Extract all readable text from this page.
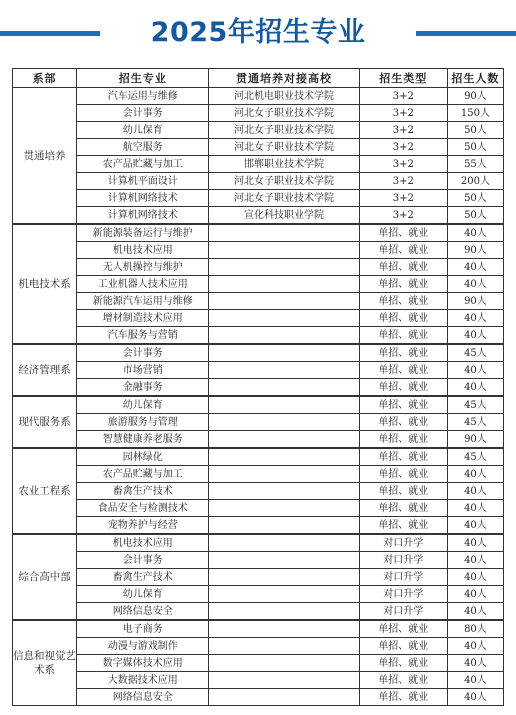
2025年招生专业
系部	招生专业	贯通培养对接高校	招生类型	招生人数
贯通培养	汽车运用与维修	河北机电职业技术学院	3+2	90人
	会计事务	河北女子职业技术学院	3+2	150人
	幼儿保育	河北女子职业技术学院	3+2	50人
	航空服务	河北女子职业技术学院	3+2	50人
	农产品贮藏与加工	邯郸职业技术学院	3+2	55人
	计算机平面设计	河北女子职业技术学院	3+2	200人
	计算机网络技术	河北女子职业技术学院	3+2	50人
	计算机网络技术	宣化科技职业学院	3+2	50人
机电技术系	新能源装备运行与维护		单招、就业	40人
	机电技术应用		单招、就业	90人
	无人机操控与维护		单招、就业	40人
	工业机器人技术应用		单招、就业	40人
	新能源汽车运用与维修		单招、就业	90人
	增材制造技术应用		单招、就业	40人
	汽车服务与营销		单招、就业	40人
经济管理系	会计事务		单招、就业	45人
	市场营销		单招、就业	40人
	金融事务		单招、就业	40人
现代服务系	幼儿保育		单招、就业	45人
	旅游服务与管理		单招、就业	45人
	智慧健康养老服务		单招、就业	90人
农业工程系	园林绿化		单招、就业	45人
	农产品贮藏与加工		单招、就业	40人
	畜禽生产技术		单招、就业	40人
	食品安全与检测技术		单招、就业	40人
	宠物养护与经营		单招、就业	40人
综合高中部	机电技术应用		对口升学	40人
	会计事务		对口升学	40人
	畜禽生产技术		对口升学	40人
	幼儿保育		对口升学	40人
	网络信息安全		对口升学	40人
信息和视觉艺术系	电子商务		单招、就业	80人
	动漫与游戏制作		单招、就业	40人
	数字媒体技术应用		单招、就业	40人
	大数据技术应用		单招、就业	40人
	网络信息安全		单招、就业	40人
